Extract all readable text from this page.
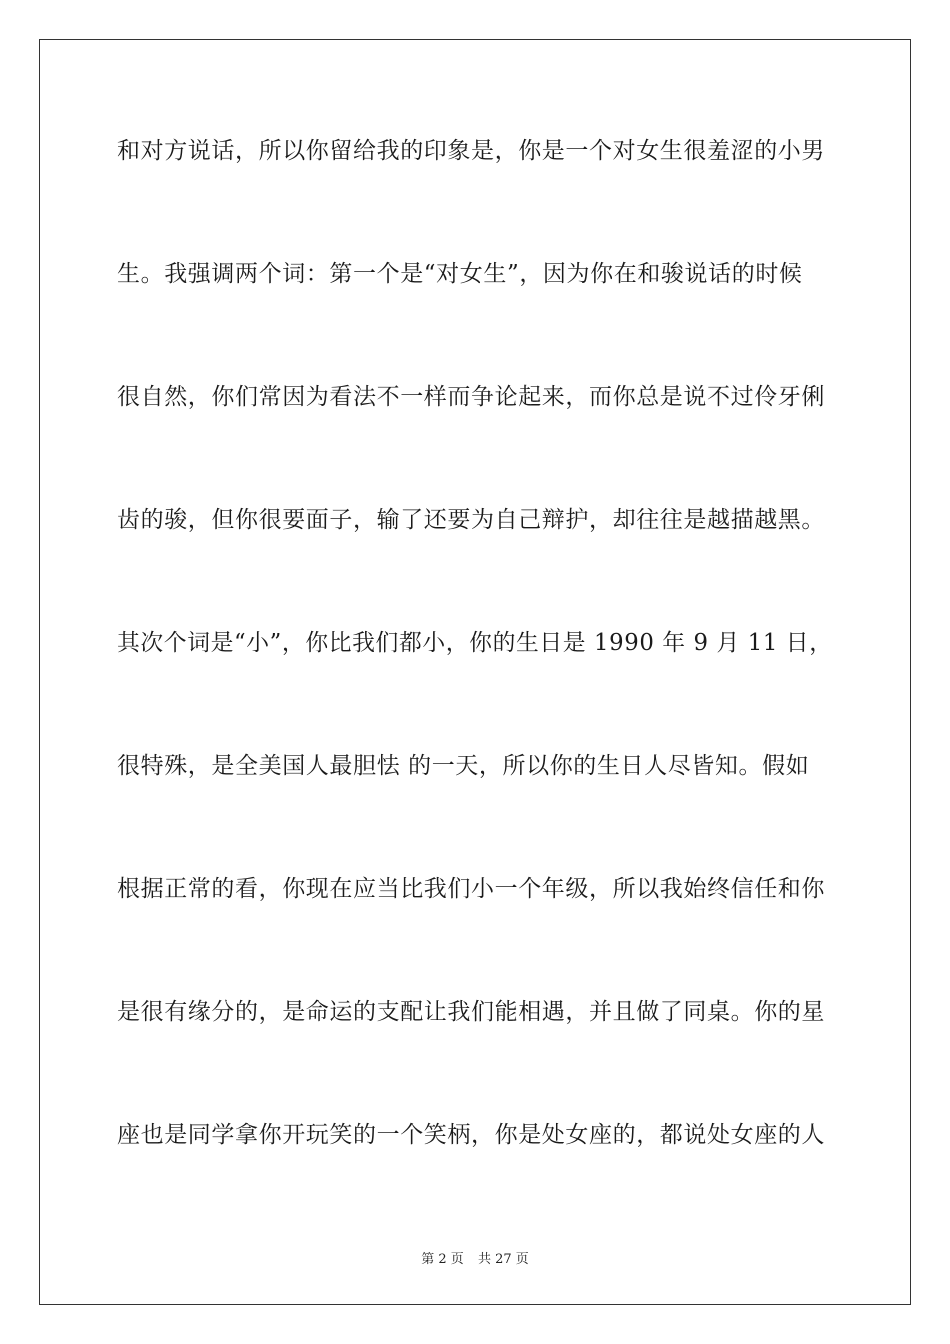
和对方说话，所以你留给我的印象是，你是一个对女生很羞涩的小男
生。我强调两个词：第一个是“对女生”，因为你在和骏说话的时候
很自然，你们常因为看法不一样而争论起来，而你总是说不过伶牙俐
齿的骏，但你很要面子，输了还要为自己辩护，却往往是越描越黑。
其次个词是“小”，你比我们都小，你的生日是 1990 年 9 月 11 日，
很特殊，是全美国人最胆怯 的一天，所以你的生日人尽皆知。假如
根据正常的看，你现在应当比我们小一个年级，所以我始终信任和你
是很有缘分的，是命运的支配让我们能相遇，并且做了同桌。你的星
座也是同学拿你开玩笑的一个笑柄，你是处女座的，都说处女座的人
第 2 页 共 27 页
